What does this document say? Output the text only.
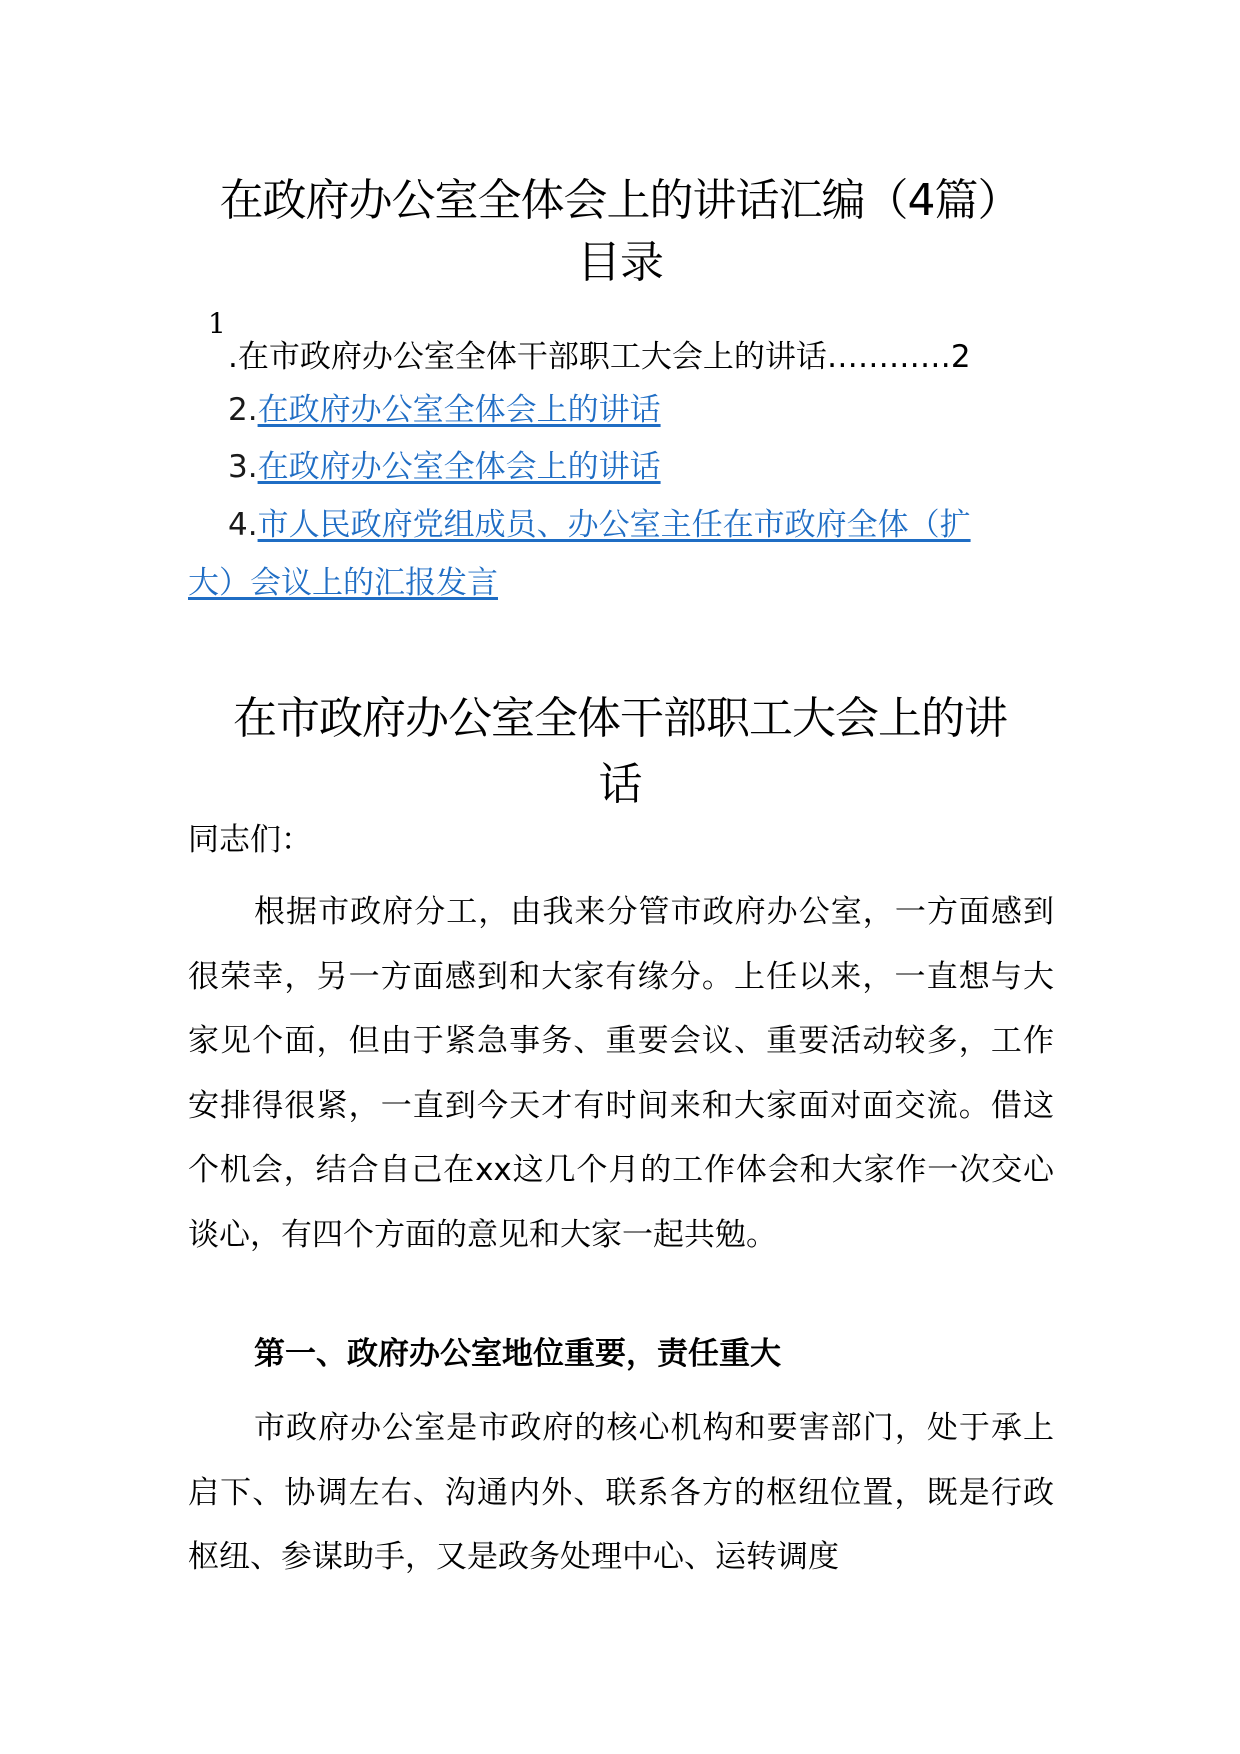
在政府办公室全体会上的讲话汇编（4篇）
目录
1
.在市政府办公室全体干部职工大会上的讲话…………2
2.在政府办公室全体会上的讲话
3.在政府办公室全体会上的讲话
4.市人民政府党组成员、办公室主任在市政府全体（扩
大）会议上的汇报发言
在市政府办公室全体干部职工大会上的讲
话
同志们：

根据市政府分工，由我来分管市政府办公室，一方面感到很荣幸，另一方面感到和大家有缘分。上任以来，一直想与大家见个面，但由于紧急事务、重要会议、重要活动较多，工作安排得很紧，一直到今天才有时间来和大家面对面交流。借这个机会，结合自己在xx这几个月的工作体会和大家作一次交心谈心，有四个方面的意见和大家一起共勉。

第一、政府办公室地位重要，责任重大

市政府办公室是市政府的核心机构和要害部门，处于承上启下、协调左右、沟通内外、联系各方的枢纽位置，既是行政枢纽、参谋助手，又是政务处理中心、运转调度
